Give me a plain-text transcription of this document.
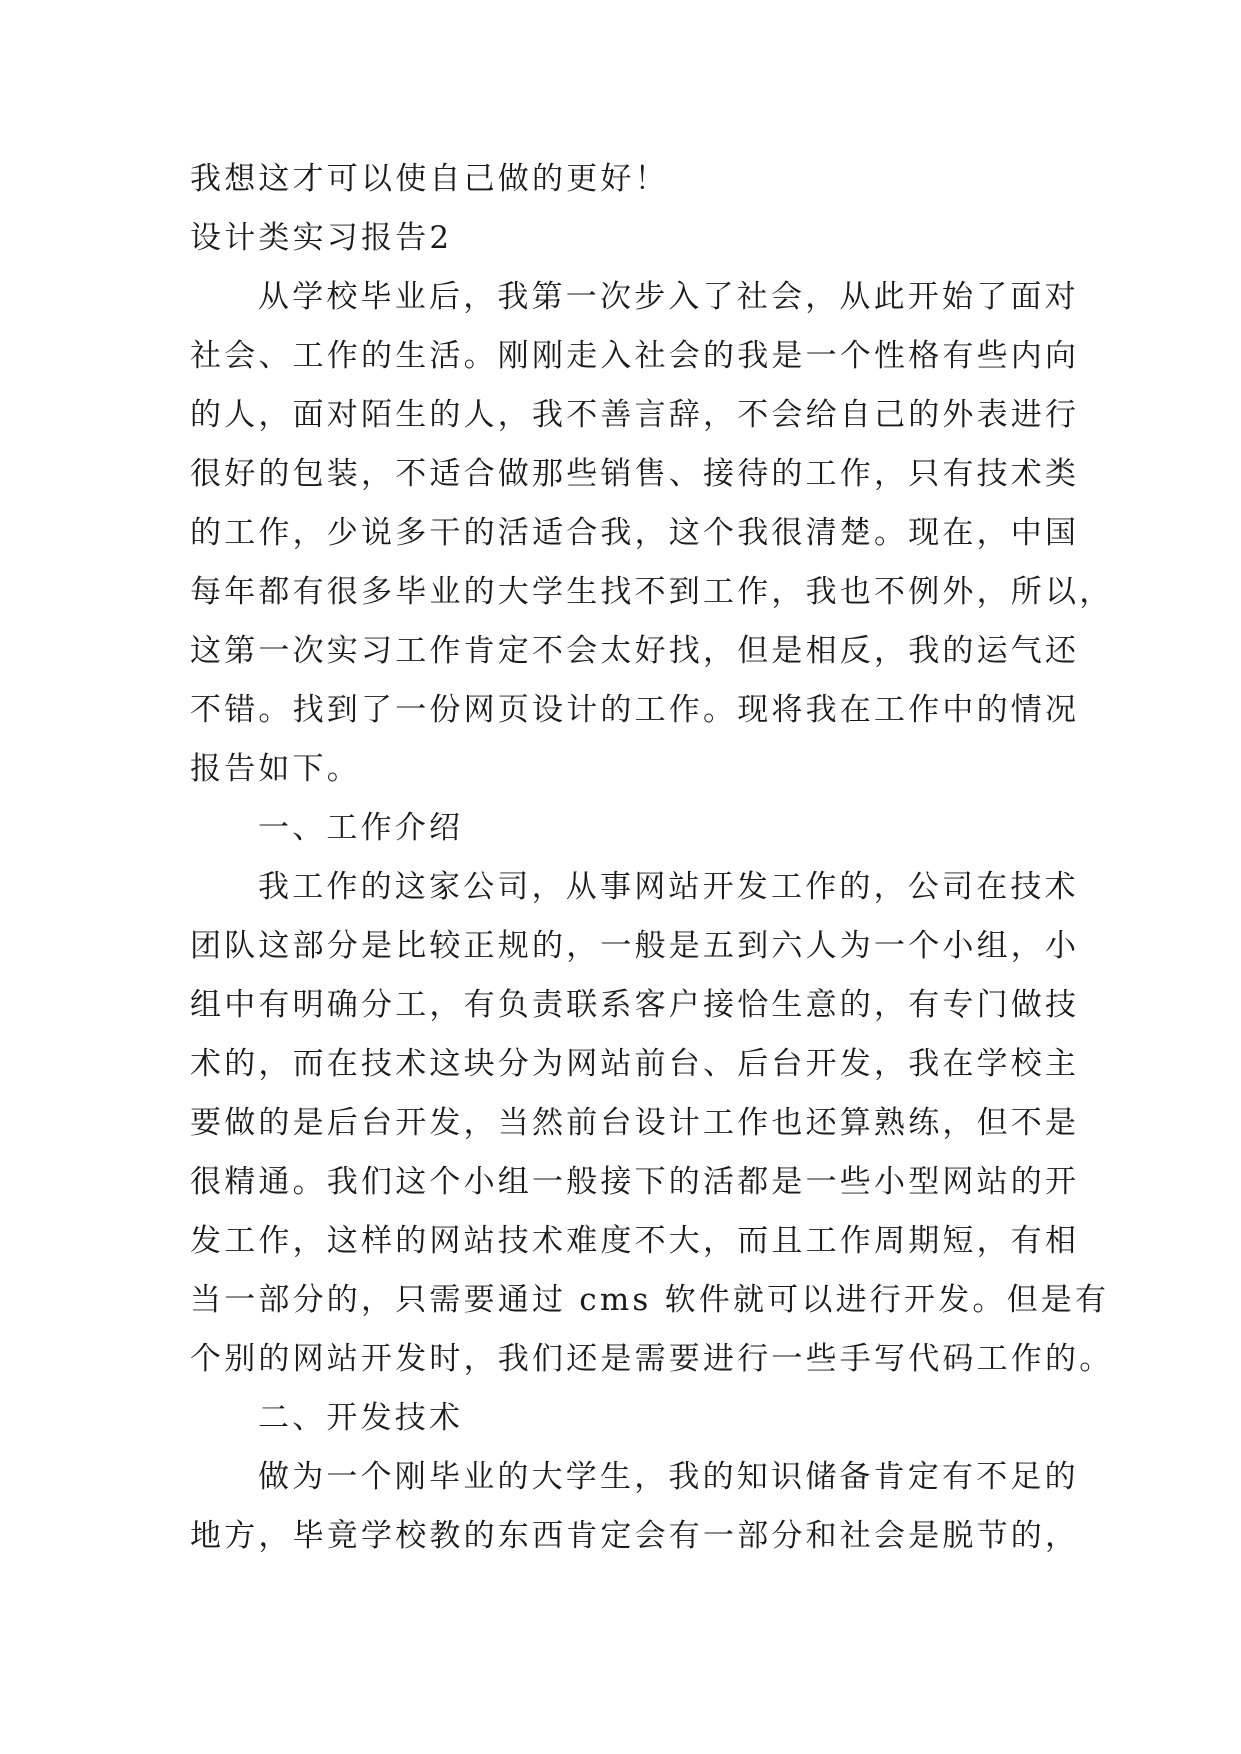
我想这才可以使自己做的更好！
设计类实习报告2
从学校毕业后，我第一次步入了社会，从此开始了面对
社会、工作的生活。刚刚走入社会的我是一个性格有些内向
的人，面对陌生的人，我不善言辞，不会给自己的外表进行
很好的包装，不适合做那些销售、接待的工作，只有技术类
的工作，少说多干的活适合我，这个我很清楚。现在，中国
每年都有很多毕业的大学生找不到工作，我也不例外，所以，
这第一次实习工作肯定不会太好找，但是相反，我的运气还
不错。找到了一份网页设计的工作。现将我在工作中的情况
报告如下。
一、工作介绍
我工作的这家公司，从事网站开发工作的，公司在技术
团队这部分是比较正规的，一般是五到六人为一个小组，小
组中有明确分工，有负责联系客户接恰生意的，有专门做技
术的，而在技术这块分为网站前台、后台开发，我在学校主
要做的是后台开发，当然前台设计工作也还算熟练，但不是
很精通。我们这个小组一般接下的活都是一些小型网站的开
发工作，这样的网站技术难度不大，而且工作周期短，有相
当一部分的，只需要通过 cms 软件就可以进行开发。但是有
个别的网站开发时，我们还是需要进行一些手写代码工作的。
二、开发技术
做为一个刚毕业的大学生，我的知识储备肯定有不足的
地方，毕竟学校教的东西肯定会有一部分和社会是脱节的，
